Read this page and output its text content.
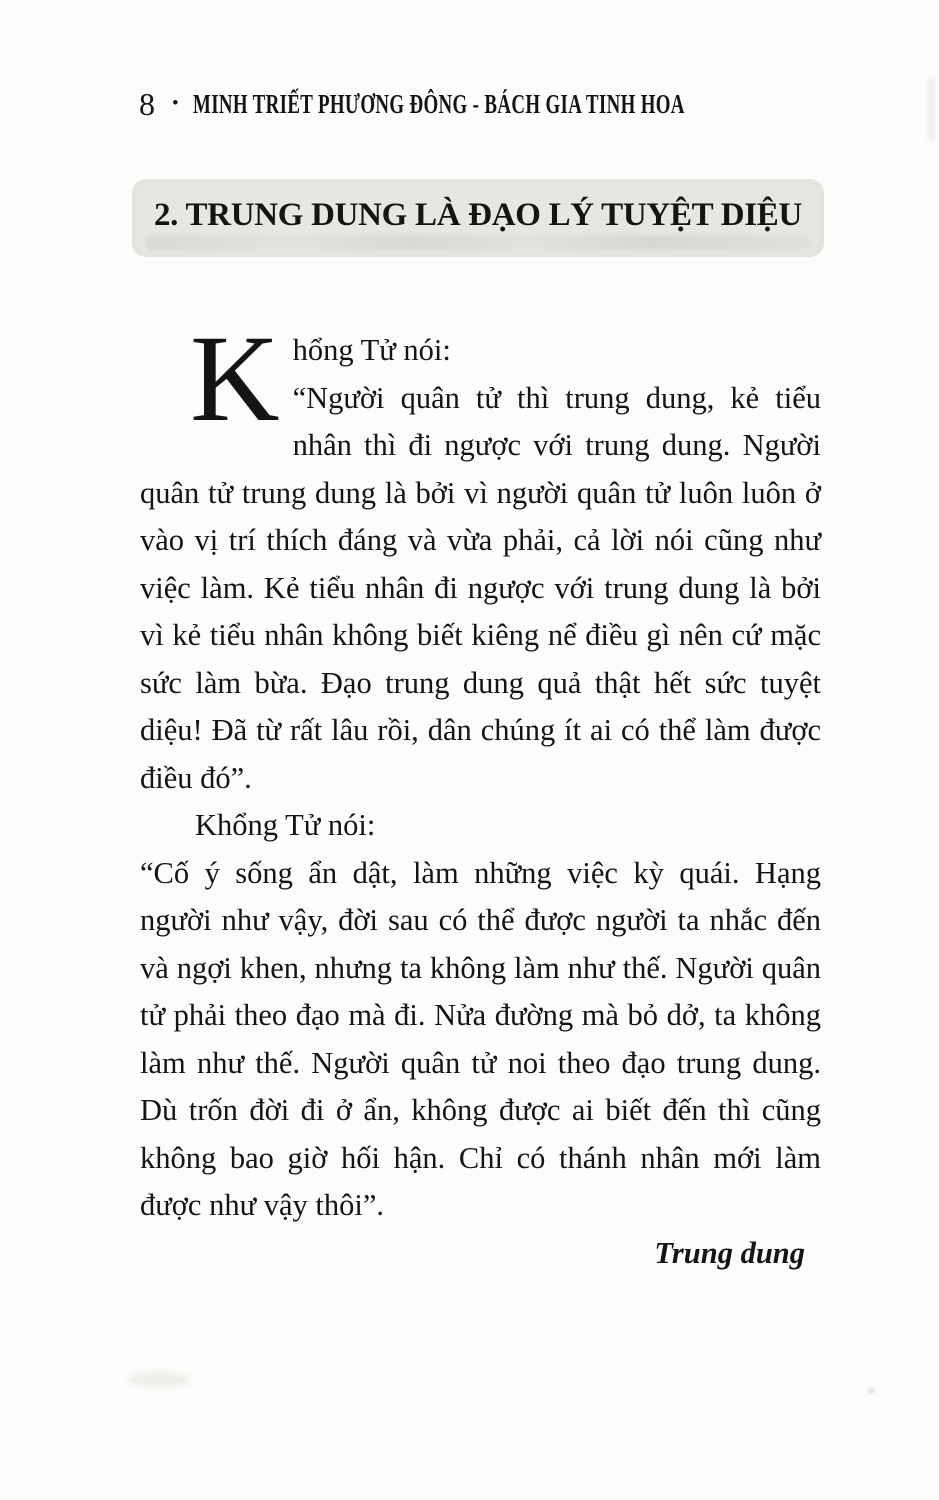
8 • MINH TRIẾT PHƯƠNG ĐÔNG - BÁCH GIA TINH HOA
2. TRUNG DUNG LÀ ĐẠO LÝ TUYỆT DIỆU
K hổng Tử nói:

“Người quân tử thì trung dung, kẻ tiểu nhân thì đi ngược với trung dung. Người quân tử trung dung là bởi vì người quân tử luôn luôn ở vào vị trí thích đáng và vừa phải, cả lời nói cũng như việc làm. Kẻ tiểu nhân đi ngược với trung dung là bởi vì kẻ tiểu nhân không biết kiêng nể điều gì nên cứ mặc sức làm bừa. Đạo trung dung quả thật hết sức tuyệt diệu! Đã từ rất lâu rồi, dân chúng ít ai có thể làm được điều đó”.

Khổng Tử nói:

“Cố ý sống ẩn dật, làm những việc kỳ quái. Hạng người như vậy, đời sau có thể được người ta nhắc đến và ngợi khen, nhưng ta không làm như thế. Người quân tử phải theo đạo mà đi. Nửa đường mà bỏ dở, ta không làm như thế. Người quân tử noi theo đạo trung dung. Dù trốn đời đi ở ẩn, không được ai biết đến thì cũng không bao giờ hối hận. Chỉ có thánh nhân mới làm được như vậy thôi”.

Trung dung
